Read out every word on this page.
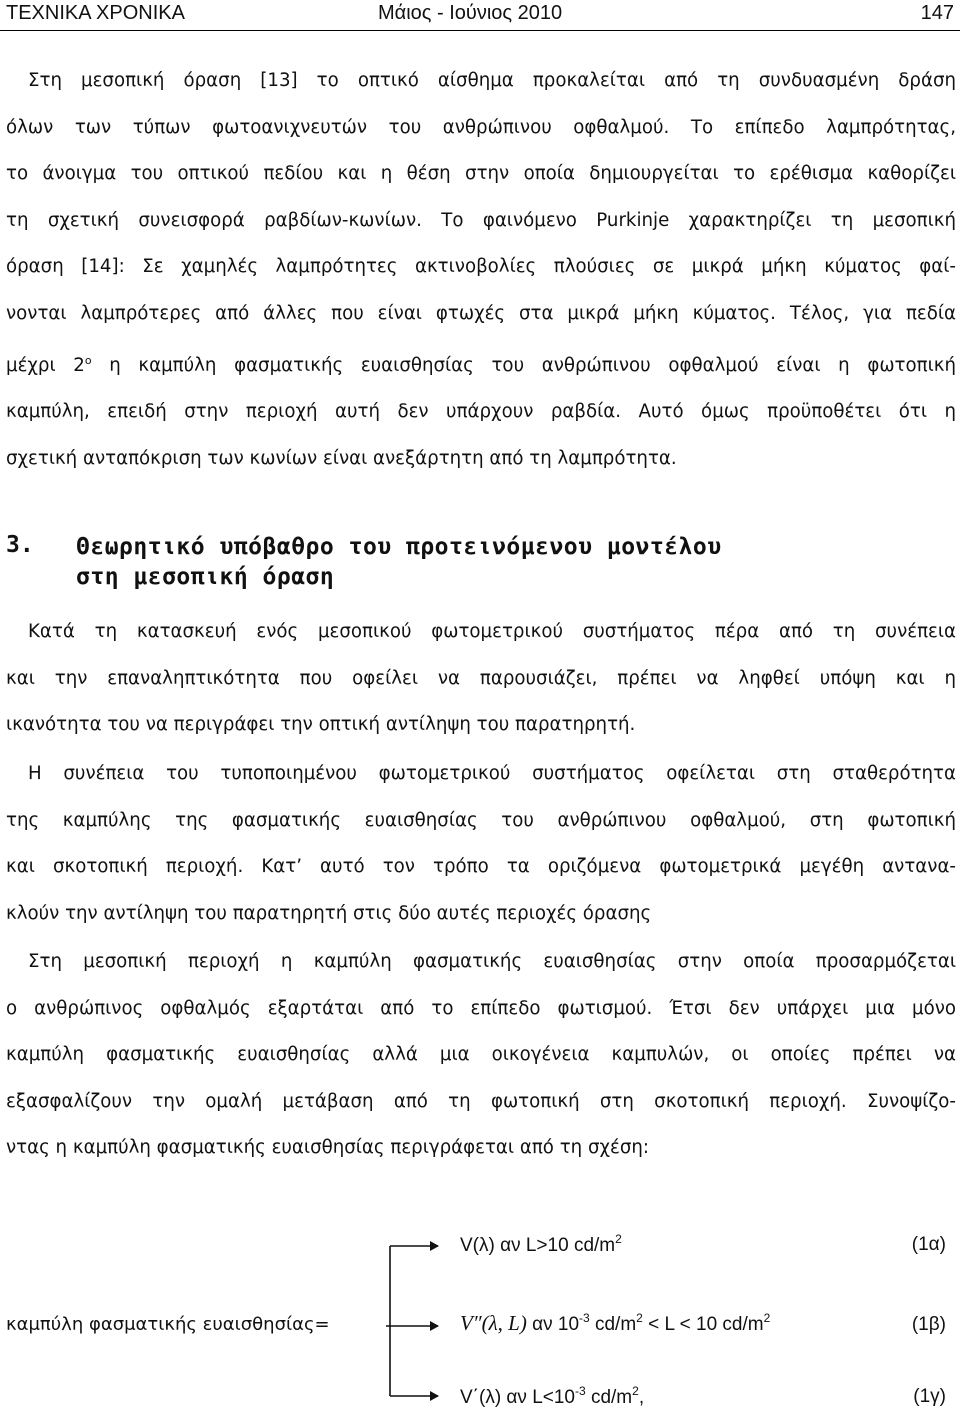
ΤΕΧΝΙΚΑ ΧΡΟΝΙΚΑ	Μάιος - Ιούνιος 2010	147
Στη μεσοπική όραση [13] το οπτικό αίσθημα προκαλείται από τη συνδυασμένη δράση
όλων των τύπων φωτοανιχνευτών του ανθρώπινου οφθαλμού. Το επίπεδο λαμπρότητας,
το άνοιγμα του οπτικού πεδίου και η θέση στην οποία δημιουργείται το ερέθισμα καθορίζει
τη σχετική συνεισφορά ραβδίων-κωνίων. Το φαινόμενο Purkinje χαρακτηρίζει τη μεσοπική
όραση [14]: Σε χαμηλές λαμπρότητες ακτινοβολίες πλούσιες σε μικρά μήκη κύματος φαί-
νονται λαμπρότερες από άλλες που είναι φτωχές στα μικρά μήκη κύματος. Τέλος, για πεδία
μέχρι $2^o$ η καμπύλη φασματικής ευαισθησίας του ανθρώπινου οφθαλμού είναι η φωτοπική
καμπύλη, επειδή στην περιοχή αυτή δεν υπάρχουν ραβδία. Αυτό όμως προϋποθέτει ότι η
σχετική ανταπόκριση των κωνίων είναι ανεξάρτητη από τη λαμπρότητα.
3. Θεωρητικό υπόβαθρο του προτεινόμενου μοντέλου
στη μεσοπική όραση
Κατά τη κατασκευή ενός μεσοπικού φωτομετρικού συστήματος πέρα από τη συνέπεια
και την επαναληπτικότητα που οφείλει να παρουσιάζει, πρέπει να ληφθεί υπόψη και η
ικανότητα του να περιγράφει την οπτική αντίληψη του παρατηρητή.
Η συνέπεια του τυποποιημένου φωτομετρικού συστήματος οφείλεται στη σταθερότητα
της καμπύλης της φασματικής ευαισθησίας του ανθρώπινου οφθαλμού, στη φωτοπική
και σκοτοπική περιοχή. Κατ’ αυτό τον τρόπο τα οριζόμενα φωτομετρικά μεγέθη αντανα-
κλούν την αντίληψη του παρατηρητή στις δύο αυτές περιοχές όρασης
Στη μεσοπική περιοχή η καμπύλη φασματικής ευαισθησίας στην οποία προσαρμόζεται
ο ανθρώπινος οφθαλμός εξαρτάται από το επίπεδο φωτισμού. Έτσι δεν υπάρχει μια μόνο
καμπύλη φασματικής ευαισθησίας αλλά μια οικογένεια καμπυλών, οι οποίες πρέπει να
εξασφαλίζουν την ομαλή μετάβαση από τη φωτοπική στη σκοτοπική περιοχή. Συνοψίζο-
ντας η καμπύλη φασματικής ευαισθησίας περιγράφεται από τη σχέση:
καμπύλη φασματικής ευαισθησίας=
V(λ) αν L>10 $cd/m^2$	(1α)
V″(λ, L) αν $10^{-3}$ $cd/m^2 < L < 10$ $cd/m^2$	(1β)
V΄(λ) αν $L<10^{-3}$ $cd/m^2$,	(1γ)
